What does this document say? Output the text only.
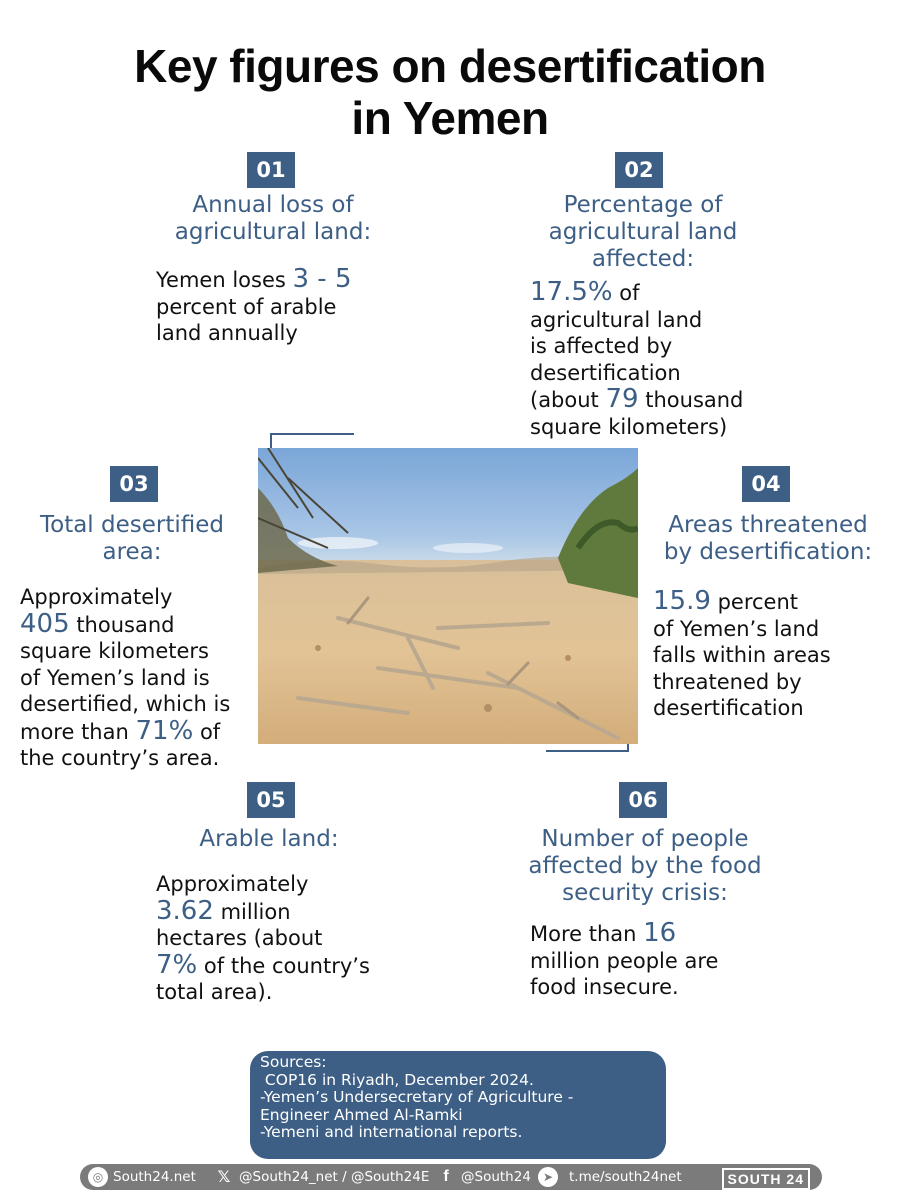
Key figures on desertification
in Yemen
01
Annual loss of
agricultural land:
Yemen loses 3 - 5
percent of arable
land annually
02
Percentage of
agricultural land
affected:
17.5% of
agricultural land
is affected by
desertification
(about 79 thousand
square kilometers)
03
Total desertified
area:
Approximately
405 thousand
square kilometers
of Yemen’s land is
desertified, which is
more than 71% of
the country’s area.
04
Areas threatened
by desertification:
15.9 percent
of Yemen’s land
falls within areas
threatened by
desertification
05
Arable land:
Approximately
3.62 million
hectares (about
7% of the country’s
total area).
06
Number of people
affected by the food
security crisis:
More than 16
million people are
food insecure.
Sources:
COP16 in Riyadh, December 2024.
-Yemen’s Undersecretary of Agriculture -
Engineer Ahmed Al-Ramki
-Yemeni and international reports.
◎ South24.net 𝕏 @South24_net / @South24E f @South24	➤	t.me/south24net	SOUTH 24
